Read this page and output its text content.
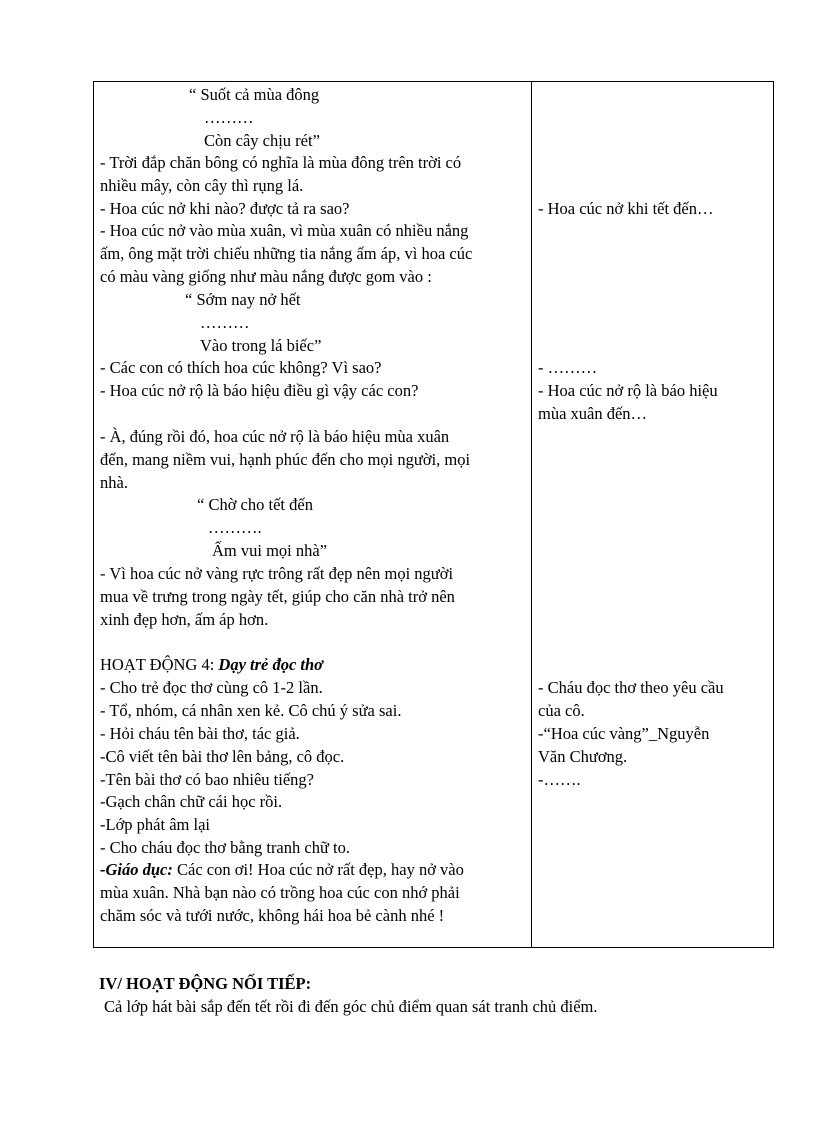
“ Suốt cả mùa đông
………
Còn cây chịu rét”
- Trời đắp chăn bông có nghĩa là mùa đông trên trời có
nhiều mây, còn cây thì rụng lá.
- Hoa cúc nở khi nào? được tả ra sao?
- Hoa cúc nở vào mùa xuân, vì mùa xuân có nhiều nắng
ấm, ông mặt trời chiếu những tia nắng ấm áp, vì hoa cúc
có màu vàng giống như màu nắng được gom vào :
“ Sớm nay nở hết
………
Vào trong lá biếc”
- Các con có thích hoa cúc không? Vì sao?
- Hoa cúc nở rộ là báo hiệu điều gì vậy các con?
- À, đúng rồi đó, hoa cúc nở rộ là báo hiệu mùa xuân
đến, mang niềm vui, hạnh phúc đến cho mọi người, mọi
nhà.
“ Chờ cho tết đến
……….
Ấm vui mọi nhà”
- Vì hoa cúc nở vàng rực trông rất đẹp nên mọi người
mua về trưng trong ngày tết, giúp cho căn nhà trở nên
xinh đẹp hơn, ấm áp hơn.
HOẠT ĐỘNG 4: Dạy trẻ đọc thơ
- Cho trẻ đọc thơ cùng cô 1-2 lần.
- Tổ, nhóm, cá nhân xen kẻ. Cô chú ý sửa sai.
- Hỏi cháu tên bài thơ, tác giả.
-Cô viết tên bài thơ lên bảng, cô đọc.
-Tên bài thơ có bao nhiêu tiếng?
-Gạch chân chữ cái học rồi.
-Lớp phát âm lại
- Cho cháu đọc thơ bằng tranh chữ to.
-Giáo dục: Các con ơi! Hoa cúc nở rất đẹp, hay nở vào
mùa xuân. Nhà bạn nào có trồng hoa cúc con nhớ phải
chăm sóc và tưới nước, không hái hoa bẻ cành nhé !
- Hoa cúc nở khi tết đến…
- ………
- Hoa cúc nở rộ là báo hiệu
mùa xuân đến…
- Cháu đọc thơ theo yêu cầu
của cô.
-“Hoa cúc vàng”_Nguyễn
Văn Chương.
-…….
IV/ HOẠT ĐỘNG NỐI TIẾP:
Cả lớp hát bài sắp đến tết rồi đi đến góc chủ điểm quan sát tranh chủ điểm.
